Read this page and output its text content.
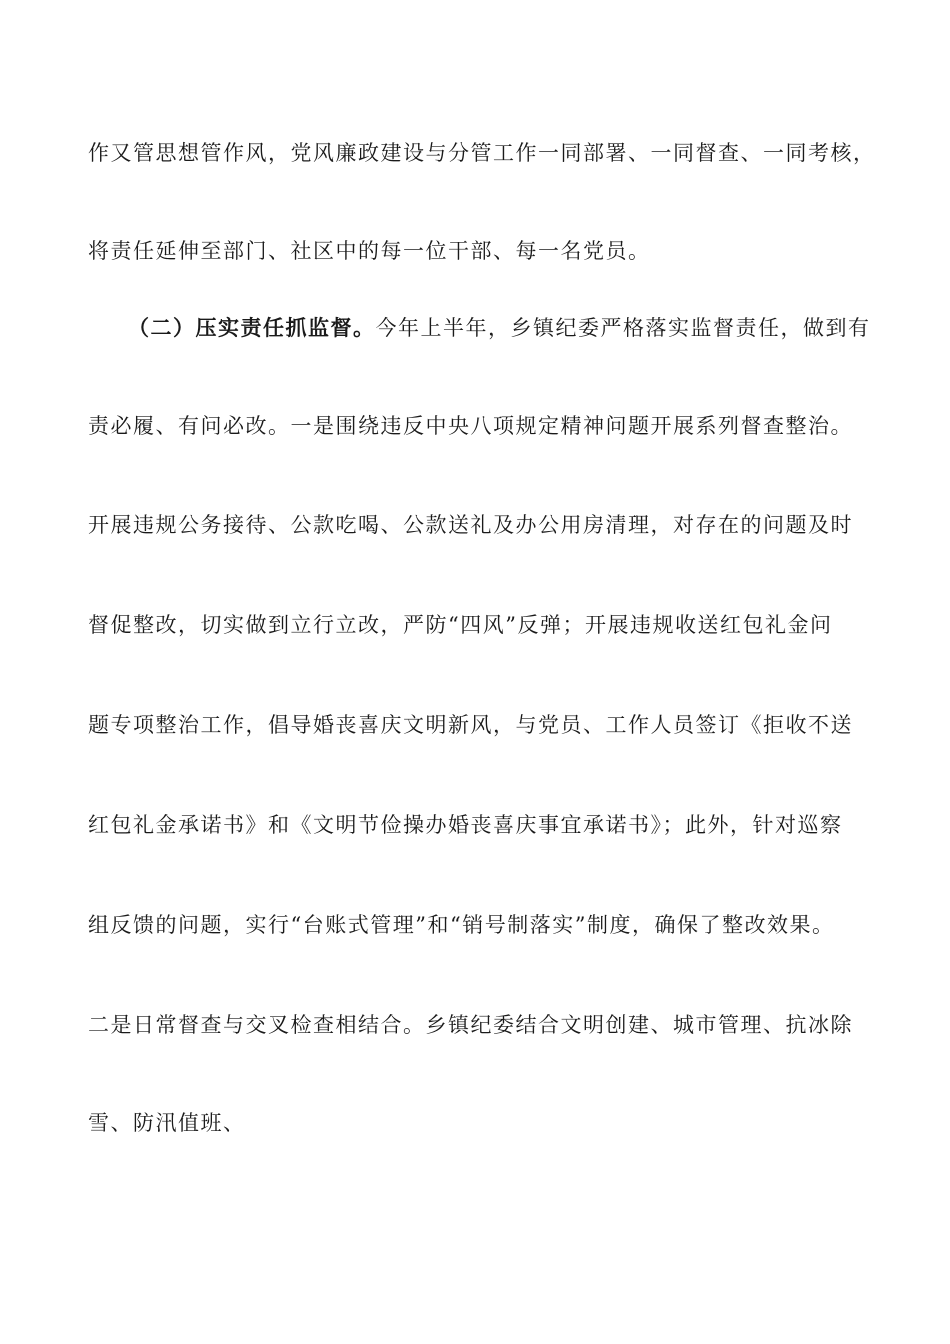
作又管思想管作风，党风廉政建设与分管工作一同部署、一同督查、一同考核，
将责任延伸至部门、社区中的每一位干部、每一名党员。
（二）压实责任抓监督。今年上半年，乡镇纪委严格落实监督责任，做到有
责必履、有问必改。一是围绕违反中央八项规定精神问题开展系列督查整治。
开展违规公务接待、公款吃喝、公款送礼及办公用房清理，对存在的问题及时
督促整改，切实做到立行立改，严防“四风”反弹；开展违规收送红包礼金问
题专项整治工作，倡导婚丧喜庆文明新风，与党员、工作人员签订《拒收不送
红包礼金承诺书》和《文明节俭操办婚丧喜庆事宜承诺书》；此外，针对巡察
组反馈的问题，实行“台账式管理”和“销号制落实”制度，确保了整改效果。
二是日常督查与交叉检查相结合。乡镇纪委结合文明创建、城市管理、抗冰除
雪、防汛值班、
